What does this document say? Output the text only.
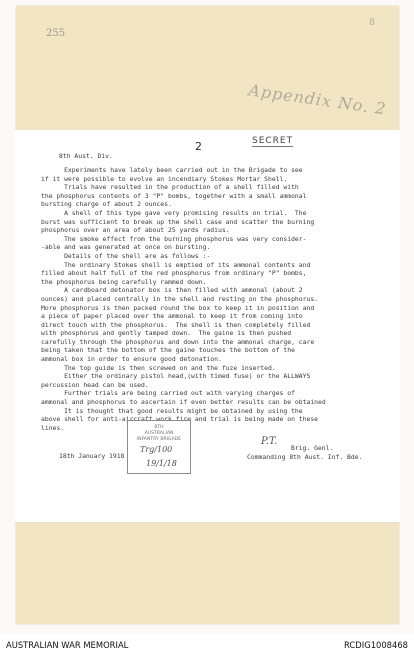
255
8
Appendix No. 2
2	SECRET
8th Aust. Div.
Experiments have lately been carried out in the Brigade to see
if it were possible to evolve an incendiary Stokes Mortar Shell.
Trials have resulted in the production of a shell filled with
the phosphorus contents of 3 "P" bombs, together with a small ammonal
bursting charge of about 2 ounces.
A shell of this type gave very promising results on trial.  The
burst was sufficient to break up the shell case and scatter the burning
phosphorus over an area of about 25 yards radius.
The smoke effect from the burning phosphorus was very consider-
-able and was generated at once on bursting.
Details of the shell are as follows :-
The ordinary Stokes shell is emptied of its ammonal contents and
filled about half full of the red phosphorus from ordinary "P" bombs,
the phosphorus being carefully rammed down.
A cardboard detonator box is then filled with ammonal (about 2
ounces) and placed centrally in the shell and resting on the phosphorus.
More phosphorus is then packed round the box to keep it in position and
a piece of paper placed over the ammonal to keep it from coming into
direct touch with the phosphorus.  The shell is then completely filled
with phosphorus and gently tamped down.  The gaine is then pushed
carefully through the phosphorus and down into the ammonal charge, care
being taken that the bottom of the gaine touches the bottom of the
ammonal box in order to ensure good detonation.
The top guide is then screwed on and the fuze inserted.
Either the ordinary pistol head,(with timed fuse) or the ALLWAYS
percussion head can be used.
Further trials are being carried out with varying charges of
ammonal and phosphorus to ascertain if even better results can be obtained
It is thought that good results might be obtained by using the
above shell for anti-aircraft work fire and trial is being made on these
lines.	8TH
AUSTRALIAN
INFANTRY BRIGADE
Trg/100
19/1/18
P.T.
18th January 1918
Brig. Genl.
Commanding 8th Aust. Inf. Bde.
AUSTRALIAN WAR MEMORIAL	RCDIG1008468
